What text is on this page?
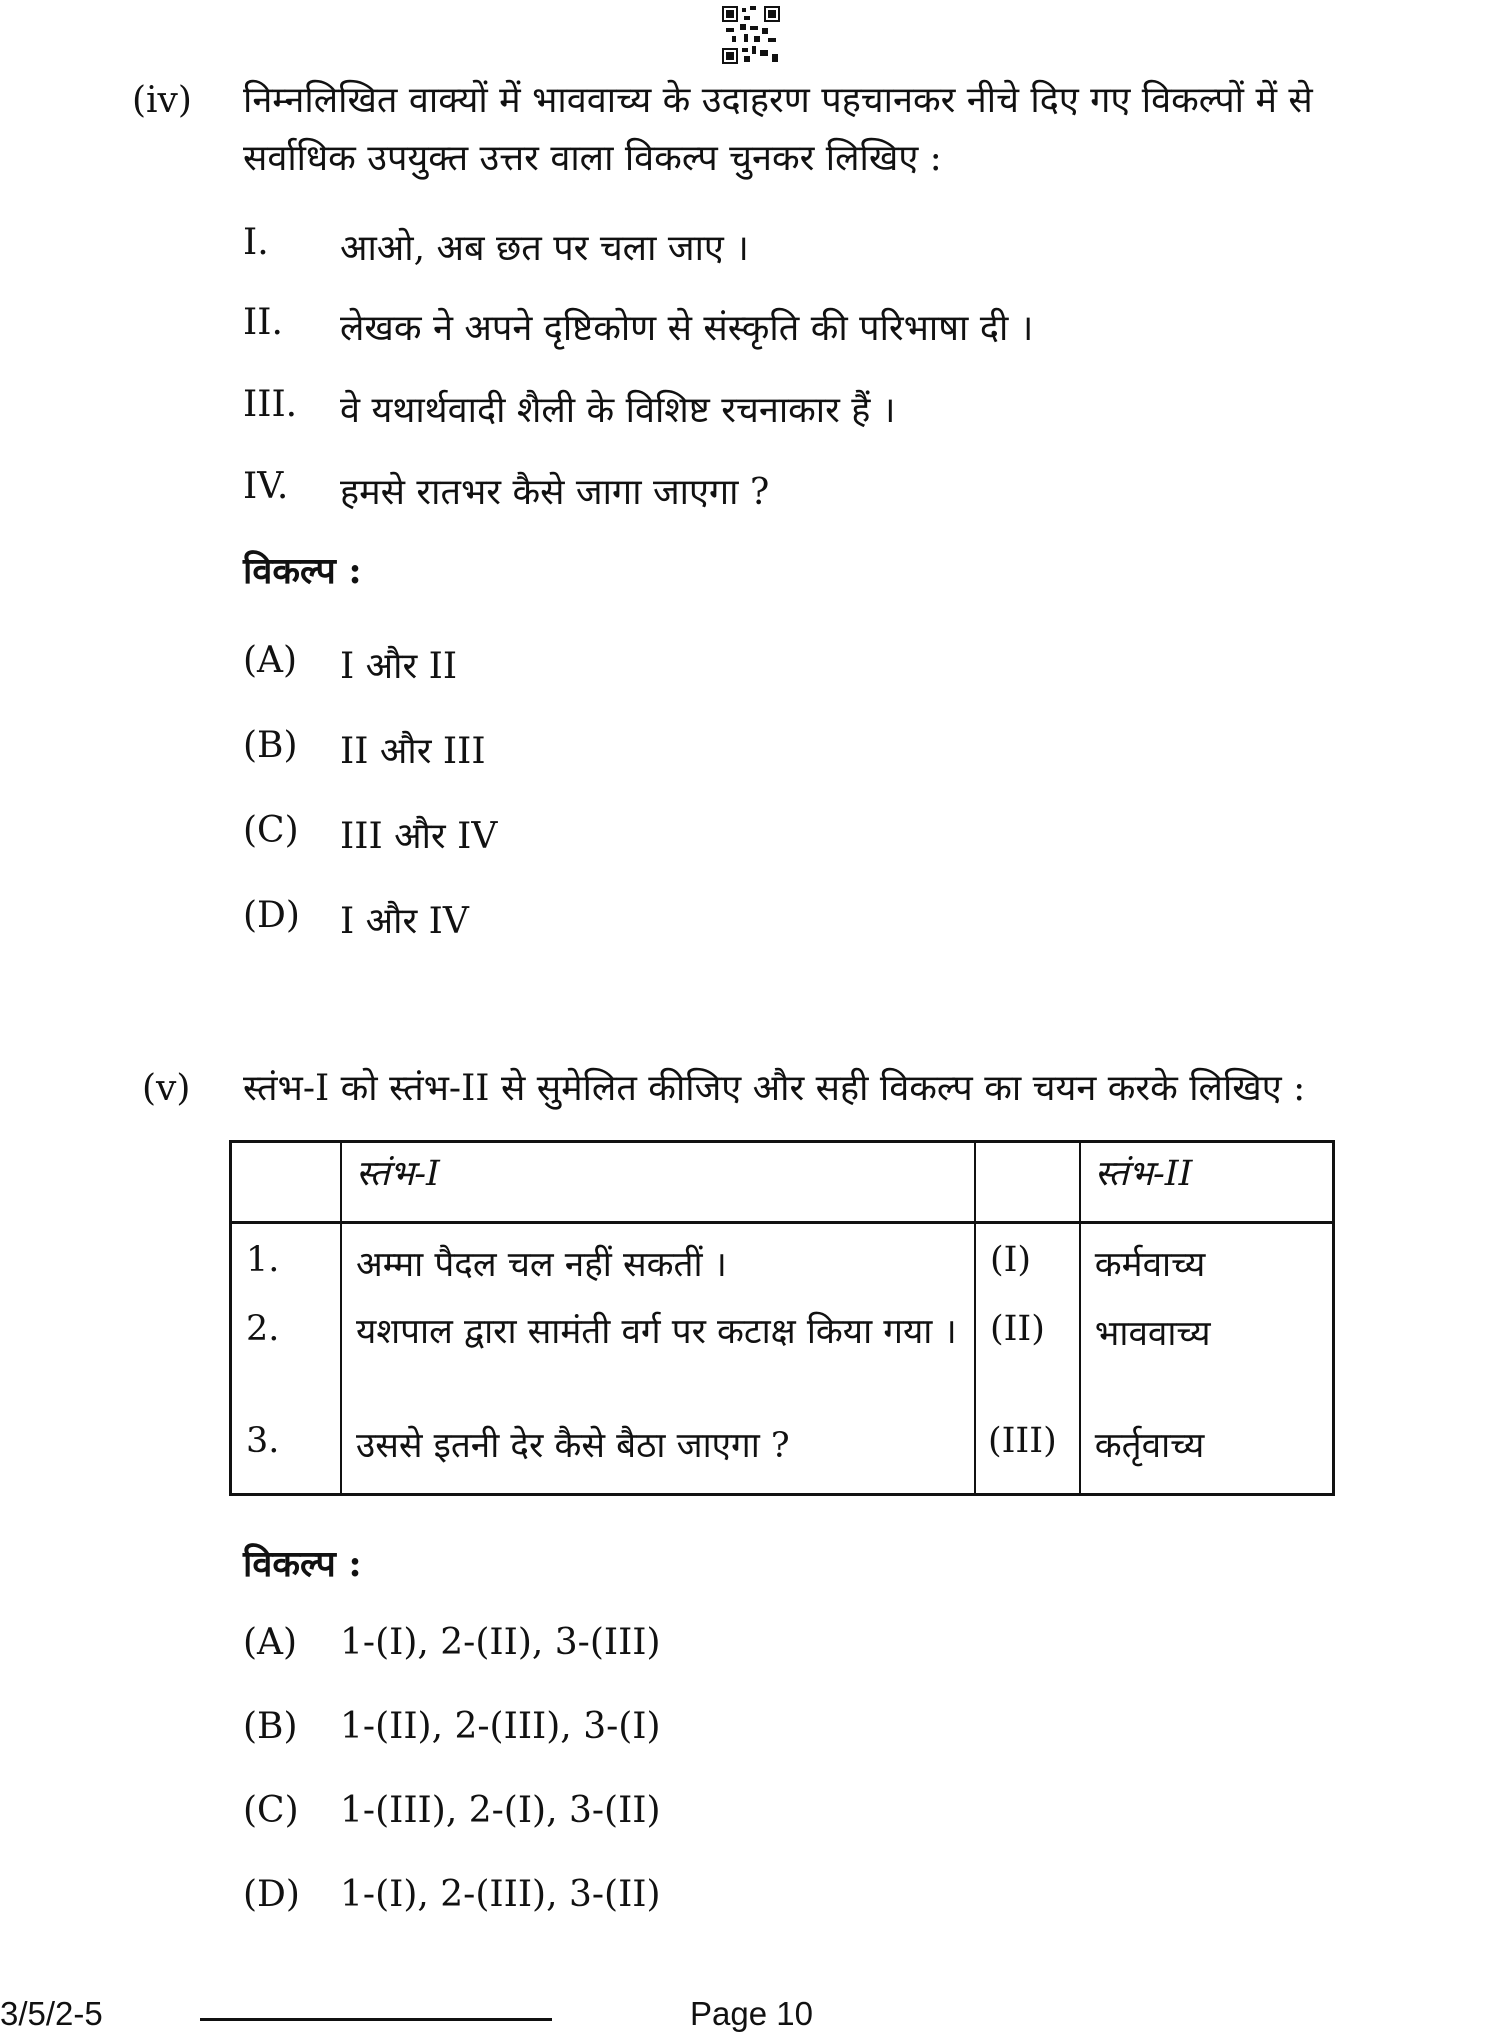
(iv) निम्नलिखित वाक्यों में भाववाच्य के उदाहरण पहचानकर नीचे दिए गए विकल्पों में से
सर्वाधिक उपयुक्त उत्तर वाला विकल्प चुनकर लिखिए :
I. आओ, अब छत पर चला जाए ।
II. लेखक ने अपने दृष्टिकोण से संस्कृति की परिभाषा दी ।
III. वे यथार्थवादी शैली के विशिष्ट रचनाकार हैं ।
IV. हमसे रातभर कैसे जागा जाएगा ?
विकल्प :
(A) I और II
(B) II और III
(C) III और IV
(D) I और IV
(v) स्तंभ-I को स्तंभ-II से सुमेलित कीजिए और सही विकल्प का चयन करके लिखिए :
	स्तंभ-I		स्तंभ-II
1.	अम्मा पैदल चल नहीं सकतीं ।	(I)	कर्मवाच्य
2.	यशपाल द्वारा सामंती वर्ग पर कटाक्ष किया गया ।	(II)	भाववाच्य
3.	उससे इतनी देर कैसे बैठा जाएगा ?	(III)	कर्तृवाच्य
विकल्प :
(A) 1-(I), 2-(II), 3-(III)
(B) 1-(II), 2-(III), 3-(I)
(C) 1-(III), 2-(I), 3-(II)
(D) 1-(I), 2-(III), 3-(II)
3/5/2-5	Page 10
